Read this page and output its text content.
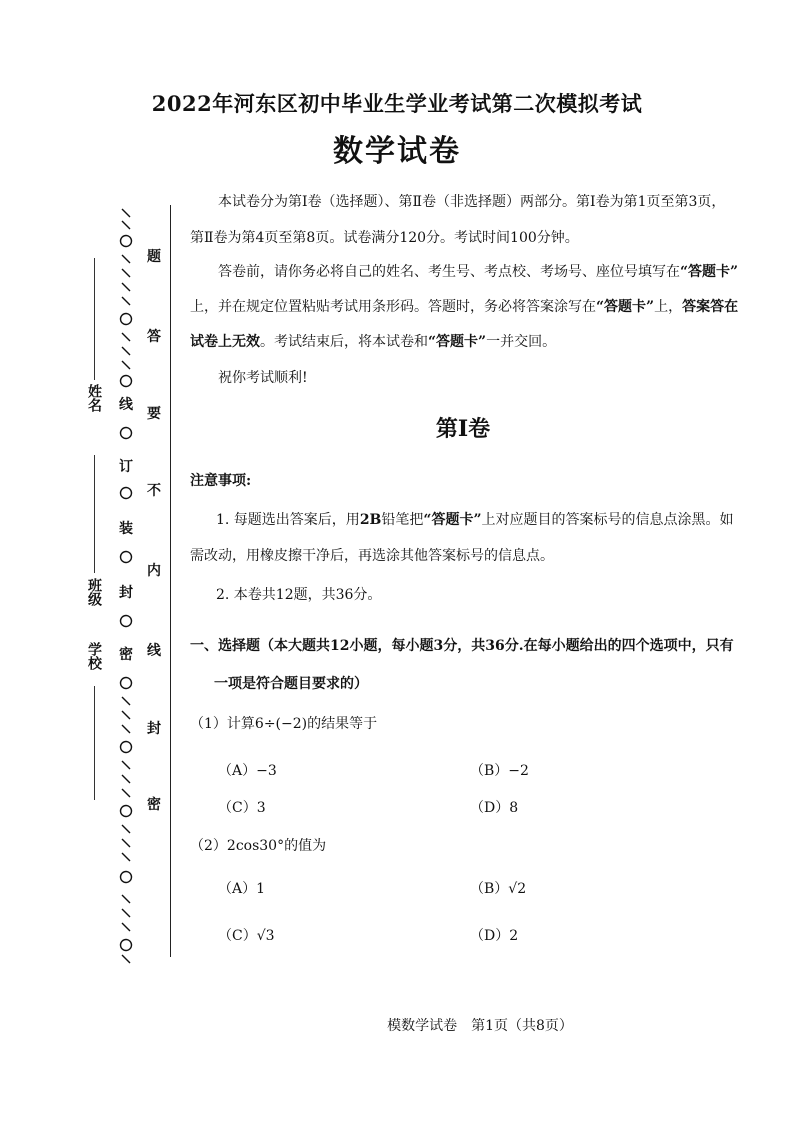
2022年河东区初中毕业生学业考试第二次模拟考试
数学试卷
本试卷分为第Ⅰ卷（选择题）、第Ⅱ卷（非选择题）两部分。第Ⅰ卷为第1页至第3页，
第Ⅱ卷为第4页至第8页。试卷满分120分。考试时间100分钟。
答卷前，请你务必将自己的姓名、考生号、考点校、考场号、座位号填写在“答题卡”
上，并在规定位置粘贴考试用条形码。答题时，务必将答案涂写在“答题卡”上，答案答在
试卷上无效。考试结束后，将本试卷和“答题卡”一并交回。
祝你考试顺利!
第Ⅰ卷
注意事项:
1. 每题选出答案后，用2B铅笔把“答题卡”上对应题目的答案标号的信息点涂黑。如
需改动，用橡皮擦干净后，再选涂其他答案标号的信息点。
2. 本卷共12题，共36分。
一、选择题（本大题共12小题，每小题3分，共36分.在每小题给出的四个选项中，只有
一项是符合题目要求的）
（1）计算6÷(−2)的结果等于
（A）−3	（B）−2
（C）3	（D）8
（2）2cos30°的值为
（A）1	（B）√2
（C）√3	（D）2
模数学试卷　第1页（共8页）
姓名
班级
学校
线
订
装
封
密
题
答
要
不
内
线
封
密
